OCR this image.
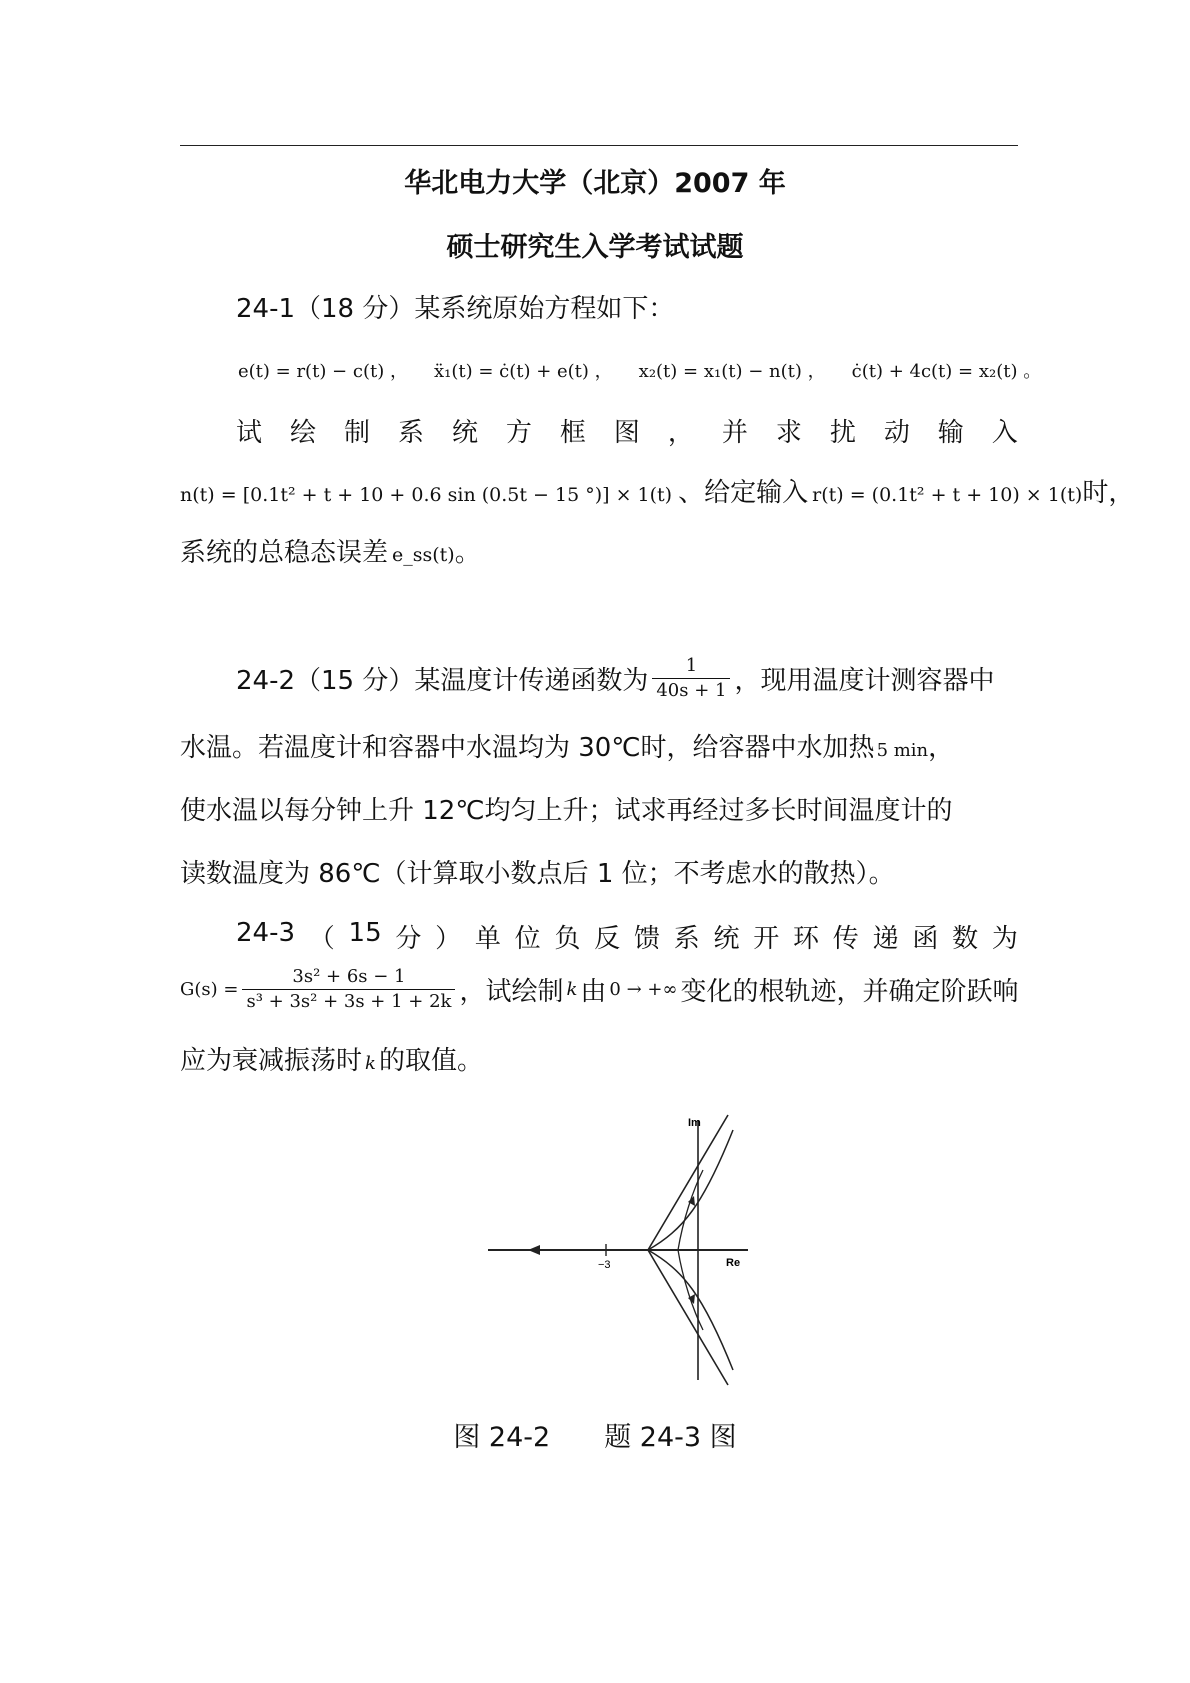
华北电力大学（北京）2007 年
硕士研究生入学考试试题
24-1（18 分）某系统原始方程如下：
e(t) = r(t) − c(t) ， ẍ₁(t) = ċ(t) + e(t) ， x₂(t) = x₁(t) − n(t) ， ċ(t) + 4c(t) = x₂(t) 。
试 绘 制 系 统 方 框 图 ， 并 求 扰 动 输 入
n(t) = [0.1t² + t + 10 + 0.6 sin (0.5t − 15 °)] × 1(t) 、给定输入 r(t) = (0.1t² + t + 10) × 1(t) 时，
系统的总稳态误差 e_ss(t) 。
24-2（15 分）某温度计传递函数为 $\frac{1}{40s + 1}$ ，现用温度计测容器中
水温。若温度计和容器中水温均为 30℃时，给容器中水加热 5 min ，
使水温以每分钟上升 12℃均匀上升；试求再经过多长时间温度计的
读数温度为 86℃（计算取小数点后 1 位；不考虑水的散热）。
24-3 （ 15 分 ） 单 位 负 反 馈 系 统 开 环 传 递 函 数 为
$G(s) = \frac{\text{3s² + 6s − 1}}{\text{s³ + 3s² + 3s + 1 + 2k}}$ ，试绘制 k 由 0 → +∞ 变化的根轨迹，并确定阶跃响
应为衰减振荡时 k 的取值。
Im
Re
−3
图 24-2　　题 24-3 图
